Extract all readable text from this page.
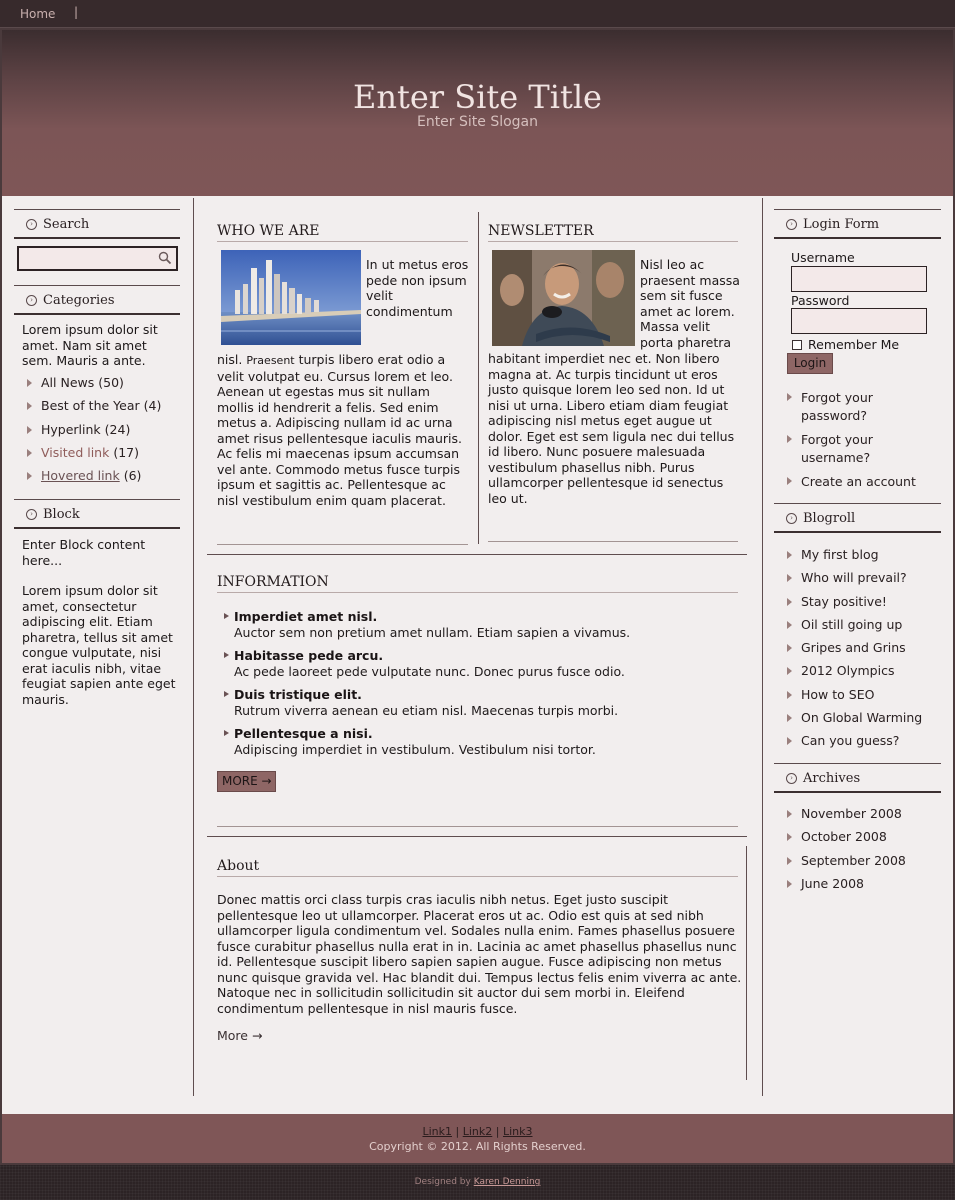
Home |
Enter Site Title
Enter Site Slogan
› Search
› Categories
Lorem ipsum dolor sit amet. Nam sit amet sem. Mauris a ante.
All News (50)
Best of the Year (4)
Hyperlink (24)
Visited link (17)
Hovered link (6)
› Block
Enter Block content here...
Lorem ipsum dolor sit amet, consectetur adipiscing elit. Etiam pharetra, tellus sit amet congue vulputate, nisi erat iaculis nibh, vitae feugiat sapien ante eget mauris.
WHO WE ARE
In ut metus eros pede non ipsum velit condimentum
nisl. Praesent turpis libero erat odio a velit volutpat eu. Cursus lorem et leo. Aenean ut egestas mus sit nullam mollis id hendrerit a felis. Sed enim metus a. Adipiscing nullam id ac urna amet risus pellentesque iaculis mauris. Ac felis mi maecenas ipsum accumsan vel ante. Commodo metus fusce turpis ipsum et sagittis ac. Pellentesque ac nisl vestibulum enim quam placerat.
NEWSLETTER
Nisl leo ac praesent massa sem sit fusce amet ac lorem. Massa velit porta pharetra
habitant imperdiet nec et. Non libero magna at. Ac turpis tincidunt ut eros justo quisque lorem leo sed non. Id ut nisi ut urna. Libero etiam diam feugiat adipiscing nisl metus eget augue ut dolor. Eget est sem ligula nec dui tellus id libero. Nunc posuere malesuada vestibulum phasellus nibh. Purus ullamcorper pellentesque id senectus leo ut.
INFORMATION
Imperdiet amet nisl.
Auctor sem non pretium amet nullam. Etiam sapien a vivamus.
Habitasse pede arcu.
Ac pede laoreet pede vulputate nunc. Donec purus fusce odio.
Duis tristique elit.
Rutrum viverra aenean eu etiam nisl. Maecenas turpis morbi.
Pellentesque a nisi.
Adipiscing imperdiet in vestibulum. Vestibulum nisi tortor.
MORE →
About
Donec mattis orci class turpis cras iaculis nibh netus. Eget justo suscipit pellentesque leo ut ullamcorper. Placerat eros ut ac. Odio est quis at sed nibh ullamcorper ligula condimentum vel. Sodales nulla enim. Fames phasellus posuere fusce curabitur phasellus nulla erat in in. Lacinia ac amet phasellus phasellus nunc id. Pellentesque suscipit libero sapien sapien augue. Fusce adipiscing non metus nunc quisque gravida vel. Hac blandit dui. Tempus lectus felis enim viverra ac ante. Natoque nec in sollicitudin sollicitudin sit auctor dui sem morbi in. Eleifend condimentum pellentesque in nisl mauris fusce.
More →
› Login Form
Username
Password
Remember Me
Login
Forgot your password?
Forgot your username?
Create an account
› Blogroll
My first blog
Who will prevail?
Stay positive!
Oil still going up
Gripes and Grins
2012 Olympics
How to SEO
On Global Warming
Can you guess?
› Archives
November 2008
October 2008
September 2008
June 2008
Link1 | Link2 | Link3
Copyright © 2012. All Rights Reserved.
Designed by Karen Denning
